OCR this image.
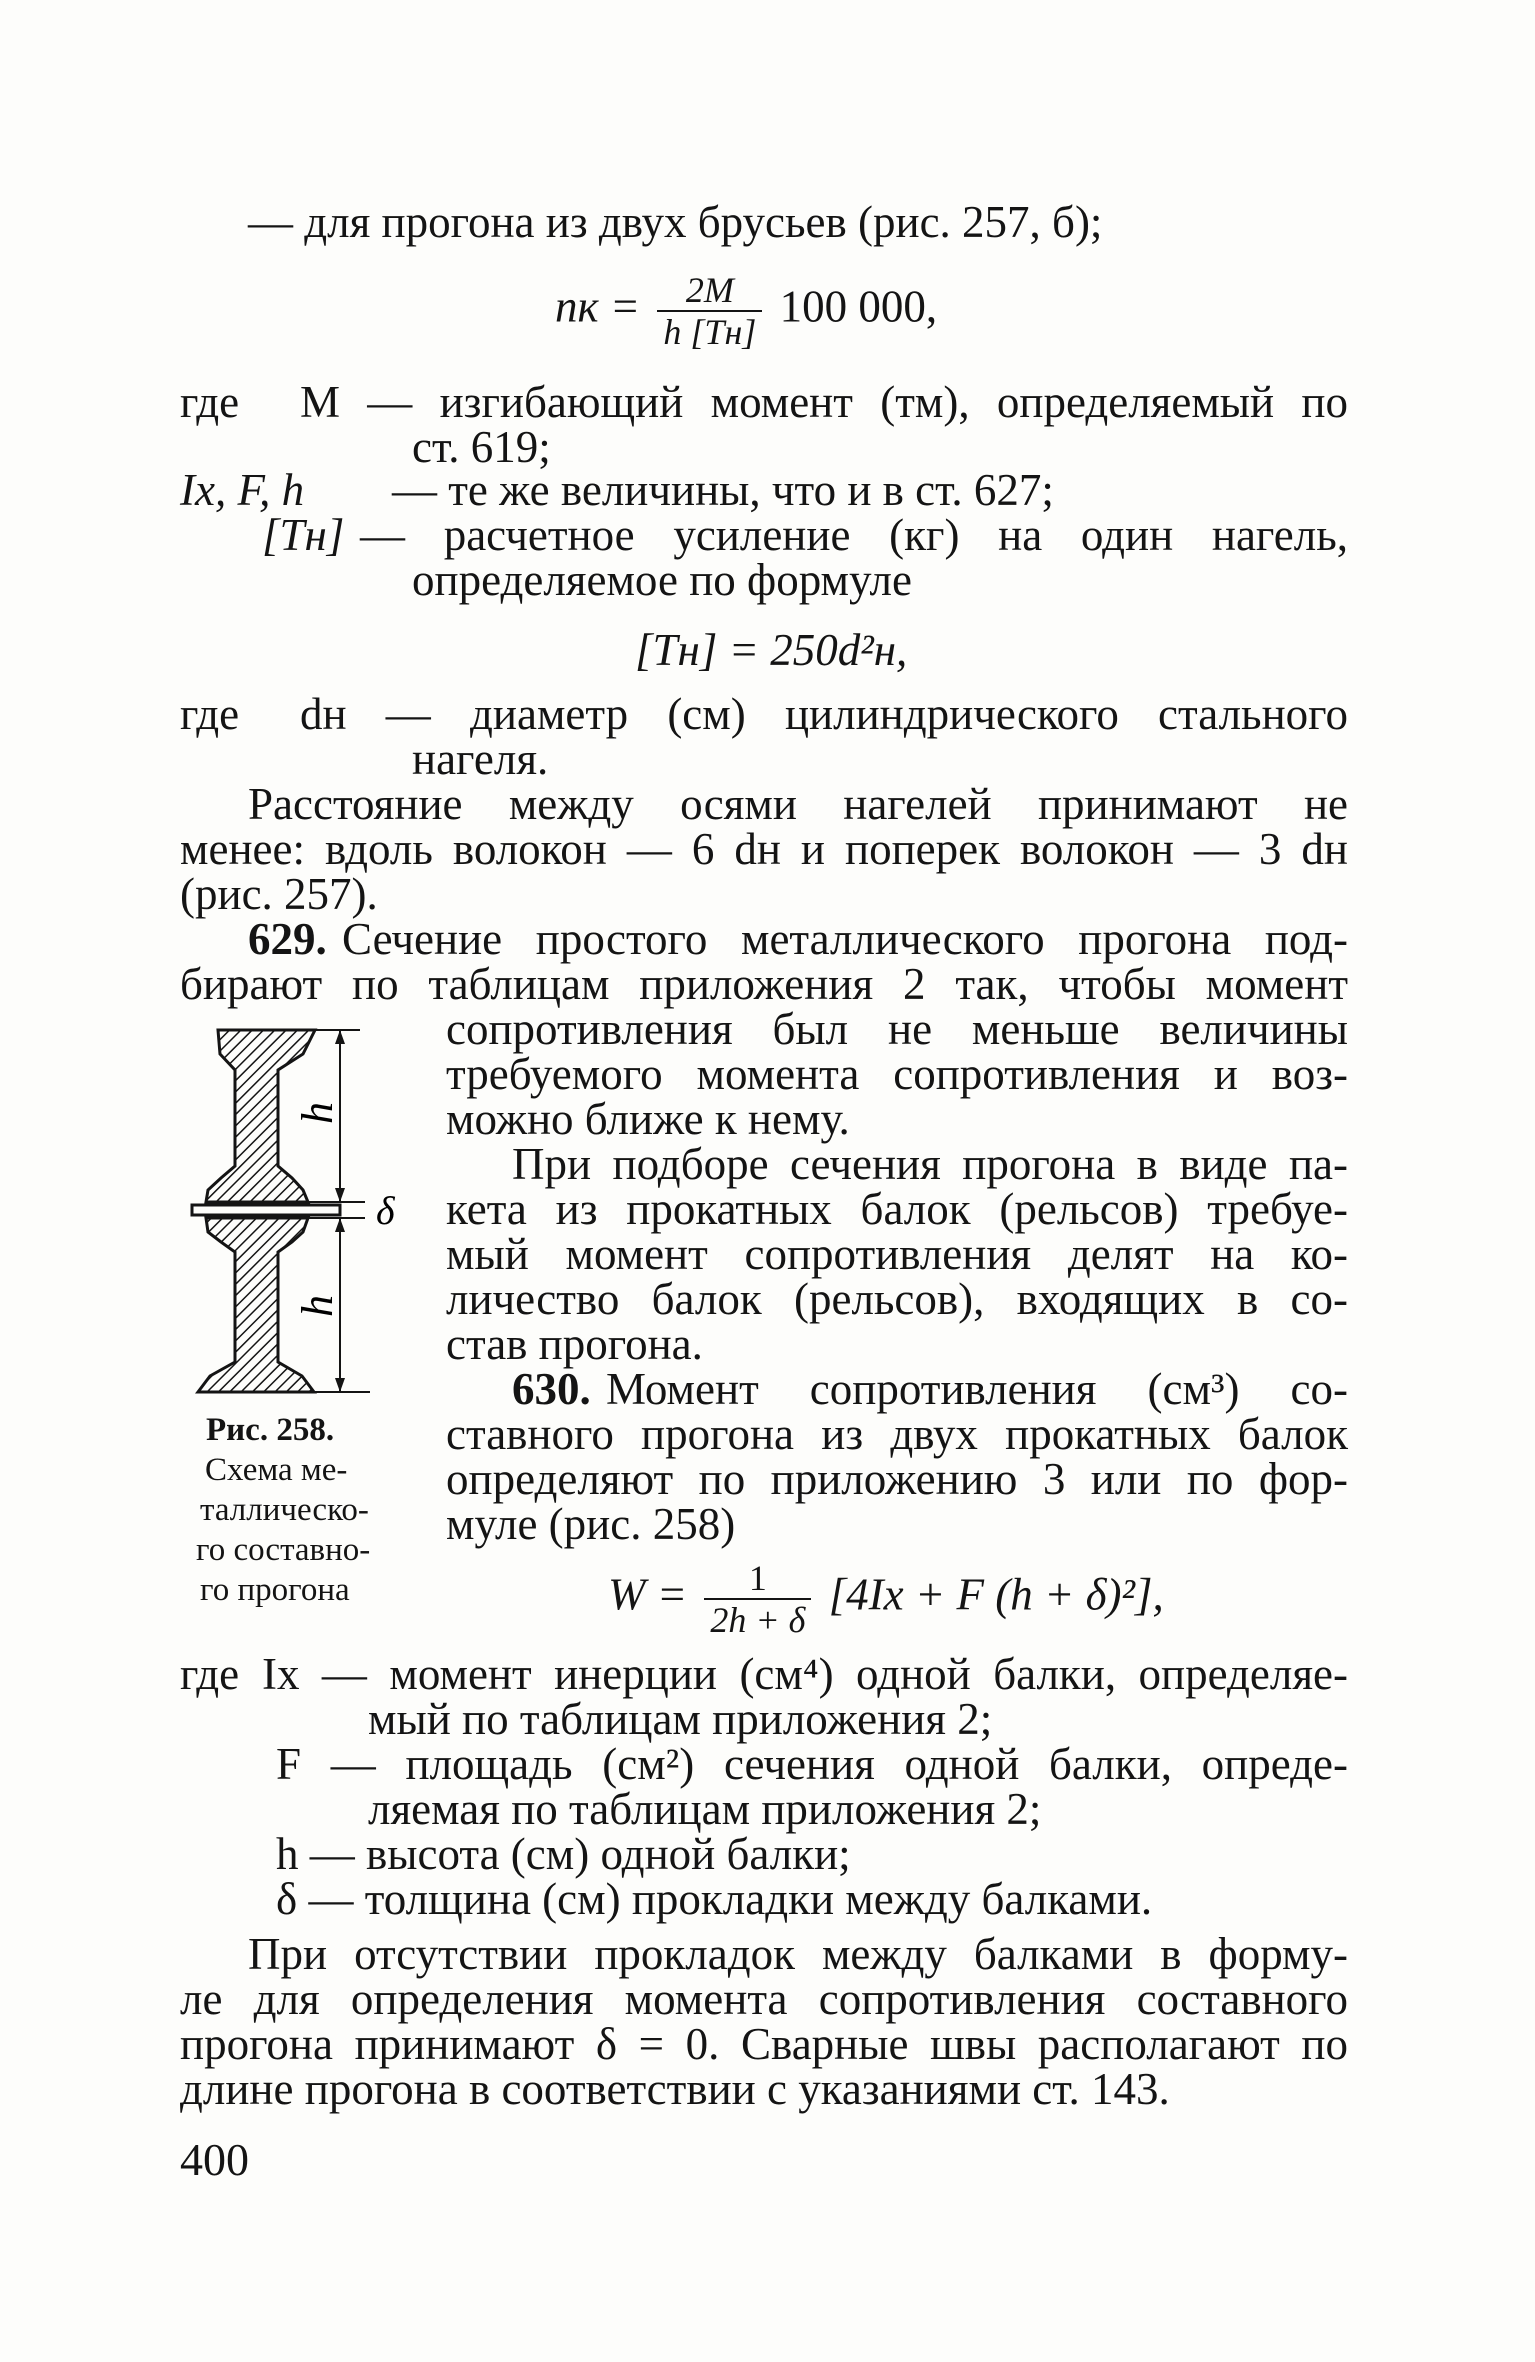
— для прогона из двух брусьев (рис. 257, б);
nк = $\frac{2M}{h [Tн]} 100$ 000,
где M — изгибающий момент (тм), определяемый по
ст. 619;
Ix, F, h — те же величины, что и в ст. 627;
[Tн] — расчетное усиление (кг) на один нагель,
определяемое по формуле
[Tн] = 250d²н,
где dн — диаметр (см) цилиндрического стального
нагеля.
Расстояние между осями нагелей принимают не
менее: вдоль волокон — 6 dн и поперек волокон — 3 dн
(рис. 257).
629. Сечение простого металлического прогона под-
бирают по таблицам приложения 2 так, чтобы момент
сопротивления был не меньше величины
требуемого момента сопротивления и воз-
можно ближе к нему.
При подборе сечения прогона в виде па-
кета из прокатных балок (рельсов) требуе-
мый момент сопротивления делят на ко-
личество балок (рельсов), входящих в со-
став прогона.
630. Момент сопротивления (см³) со-
ставного прогона из двух прокатных балок
определяют по приложению 3 или по фор-
муле (рис. 258)
$W = \frac{1}{2h + \delta} [4Ix + F$ (h + δ)²],
где Ix — момент инерции (см⁴) одной балки, определяе-
мый по таблицам приложения 2;
F — площадь (см²) сечения одной балки, опреде-
ляемая по таблицам приложения 2;
h — высота (см) одной балки;
δ — толщина (см) прокладки между балками.
При отсутствии прокладок между балками в форму-
ле для определения момента сопротивления составного
прогона принимают δ = 0. Сварные швы располагают по
длине прогона в соответствии с указаниями ст. 143.
h
h
δ
Рис. 258.
Схема ме-
таллическо-
го составно-
го прогона
400
